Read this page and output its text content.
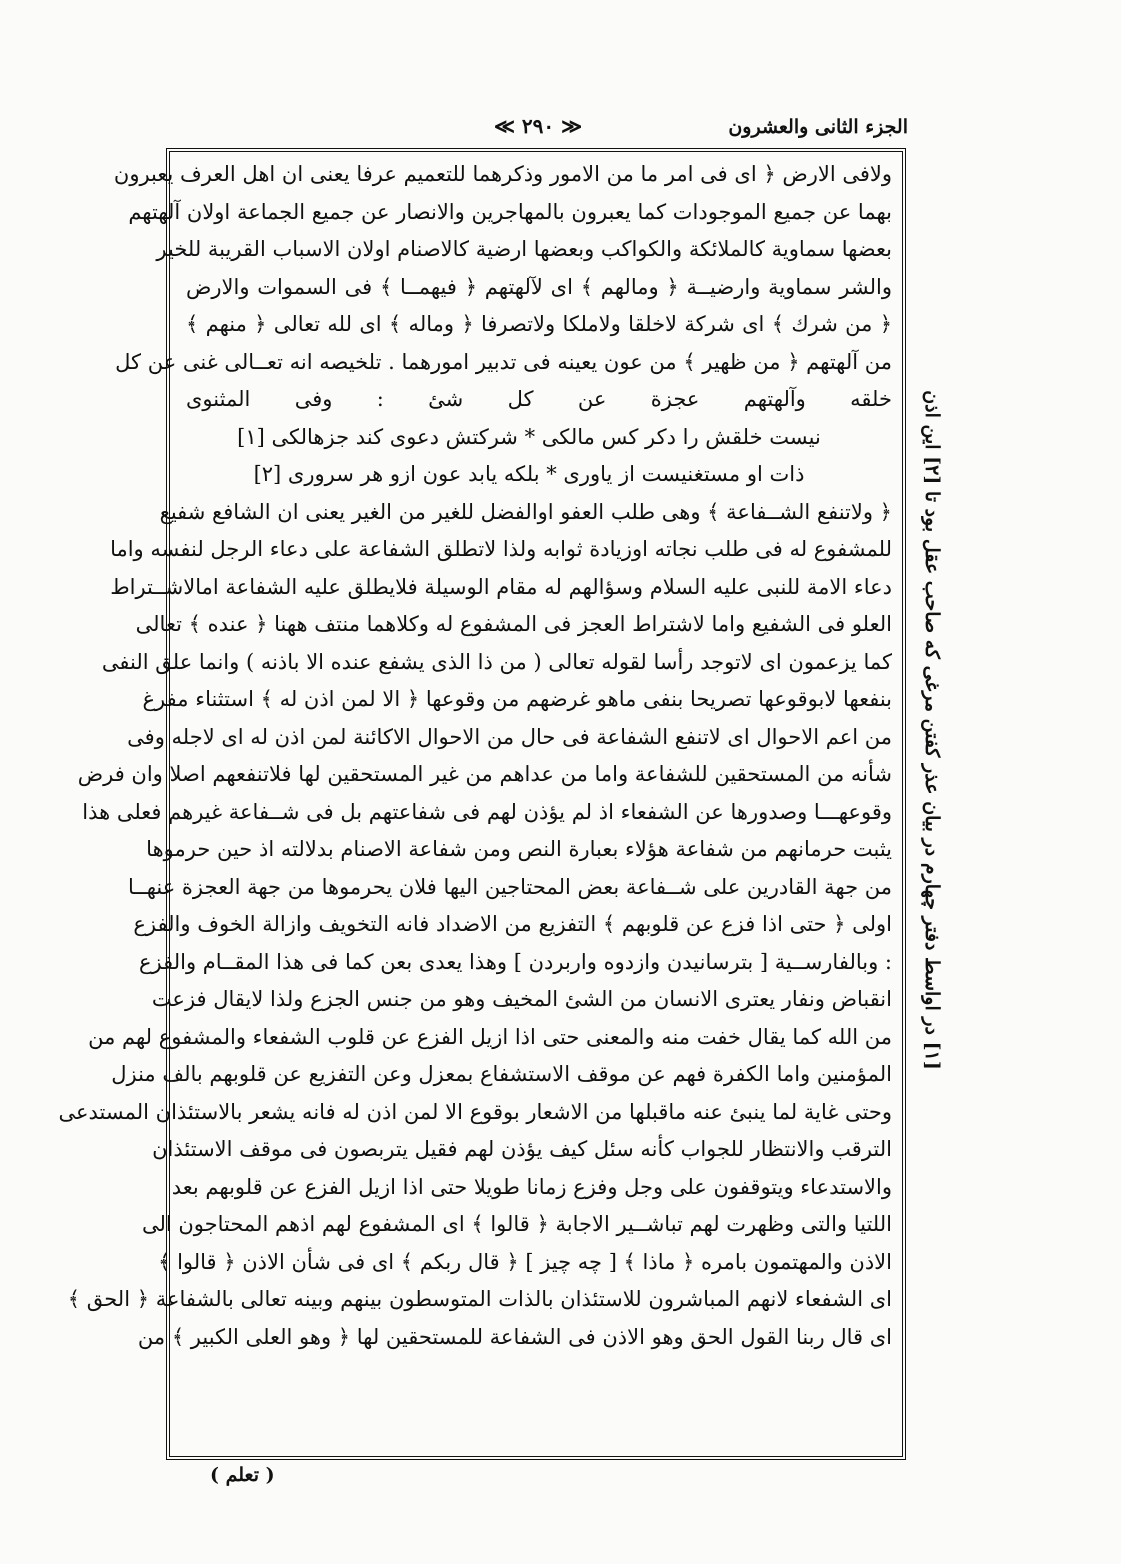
الجزء الثانى والعشرون
≪ ٢٩٠ ≫
ولافى الارض ﴿ اى فى امر ما من الامور وذكرهما للتعميم عرفا يعنى ان اهل العرف يعبرون
بهما عن جميع الموجودات كما يعبرون بالمهاجرين والانصار عن جميع الجماعة اولان آلهتهم
بعضها سماوية كالملائكة والكواكب وبعضها ارضية كالاصنام اولان الاسباب القريبة للخير
والشر سماوية وارضيــة ﴿ ومالهم ﴾ اى لآلهتهم ﴿ فيهمــا ﴾ فى السموات والارض
﴿ من شرك ﴾ اى شركة لاخلقا ولاملكا ولاتصرفا ﴿ وماله ﴾ اى لله تعالى ﴿ منهم ﴾
من آلهتهم ﴿ من ظهير ﴾ من عون يعينه فى تدبير امورهما . تلخيصه انه تعــالى غنى عن كل
خلقه وآلهتهم عجزة عن كل شئ : وفى المثنوى
نيست خلقش را دكر كس مالكى * شركتش دعوى كند جزهالكى [١]
ذات او مستغنيست از ياورى * بلكه يابد عون ازو هر سرورى [٢]
﴿ ولاتنفع الشــفاعة ﴾ وهى طلب العفو اوالفضل للغير من الغير يعنى ان الشافع شفيع
للمشفوع له فى طلب نجاته اوزيادة ثوابه ولذا لاتطلق الشفاعة على دعاء الرجل لنفسه واما
دعاء الامة للنبى عليه السلام وسؤالهم له مقام الوسيلة فلايطلق عليه الشفاعة امالاشــتراط
العلو فى الشفيع واما لاشتراط العجز فى المشفوع له وكلاهما منتف ههنا ﴿ عنده ﴾ تعالى
كما يزعمون اى لاتوجد رأسا لقوله تعالى ( من ذا الذى يشفع عنده الا باذنه ) وانما علق النفى
بنفعها لابوقوعها تصريحا بنفى ماهو غرضهم من وقوعها ﴿ الا لمن اذن له ﴾ استثناء مفرغ
من اعم الاحوال اى لاتنفع الشفاعة فى حال من الاحوال الاكائنة لمن اذن له اى لاجله وفى
شأنه من المستحقين للشفاعة واما من عداهم من غير المستحقين لها فلاتنفعهم اصلا وان فرض
وقوعهـــا وصدورها عن الشفعاء اذ لم يؤذن لهم فى شفاعتهم بل فى شــفاعة غيرهم فعلى هذا
يثبت حرمانهم من شفاعة هؤلاء بعبارة النص ومن شفاعة الاصنام بدلالته اذ حين حرموها
من جهة القادرين على شــفاعة بعض المحتاجين اليها فلان يحرموها من جهة العجزة عنهــا
اولى ﴿ حتى اذا فزع عن قلوبهم ﴾ التفزيع من الاضداد فانه التخويف وازالة الخوف والفزع
: وبالفارســية [ بترسانيدن وازدوه واربردن ] وهذا يعدى بعن كما فى هذا المقــام والفزع
انقباض ونفار يعترى الانسان من الشئ المخيف وهو من جنس الجزع ولذا لايقال فزعت
من الله كما يقال خفت منه والمعنى حتى اذا ازيل الفزع عن قلوب الشفعاء والمشفوع لهم من
المؤمنين واما الكفرة فهم عن موقف الاستشفاع بمعزل وعن التفزيع عن قلوبهم بالف منزل
وحتى غاية لما ينبئ عنه ماقبلها من الاشعار بوقوع الا لمن اذن له فانه يشعر بالاستئذان المستدعى
الترقب والانتظار للجواب كأنه سئل كيف يؤذن لهم فقيل يتربصون فى موقف الاستئذان
والاستدعاء ويتوقفون على وجل وفزع زمانا طويلا حتى اذا ازيل الفزع عن قلوبهم بعد
اللتيا والتى وظهرت لهم تباشــير الاجابة ﴿ قالوا ﴾ اى المشفوع لهم اذهم المحتاجون الى
الاذن والمهتمون بامره ﴿ ماذا ﴾ [ چه چيز ] ﴿ قال ربكم ﴾ اى فى شأن الاذن ﴿ قالوا ﴾
اى الشفعاء لانهم المباشرون للاستئذان بالذات المتوسطون بينهم وبينه تعالى بالشفاعة ﴿ الحق ﴾
اى قال ربنا القول الحق وهو الاذن فى الشفاعة للمستحقين لها ﴿ وهو العلى الكبير ﴾ من
[١] در اواسط دفتر چهارم در بيان عذر كفتن مرغى كه صاحب عقل بود تا [٢] اين اذن
( تعلم )
